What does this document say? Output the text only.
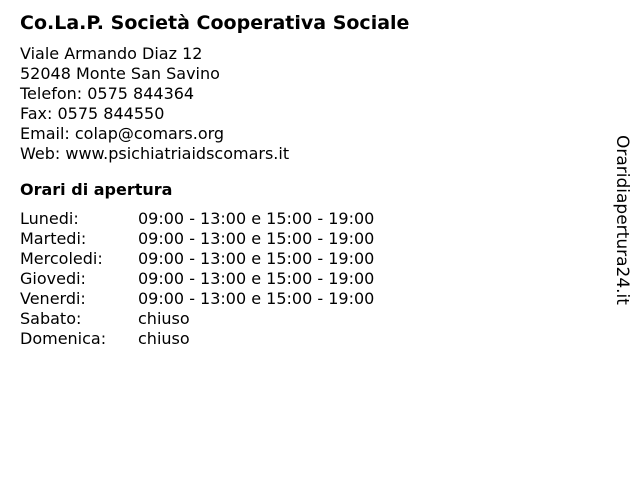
Co.La.P. Società Cooperativa Sociale
Viale Armando Diaz 12
52048 Monte San Savino
Telefon: 0575 844364
Fax: 0575 844550
Email: colap@comars.org
Web: www.psichiatriaidscomars.it
Orari di apertura
Lunedi:	09:00 - 13:00 e 15:00 - 19:00
Martedi:	09:00 - 13:00 e 15:00 - 19:00
Mercoledi:	09:00 - 13:00 e 15:00 - 19:00
Giovedi:	09:00 - 13:00 e 15:00 - 19:00
Venerdi:	09:00 - 13:00 e 15:00 - 19:00
Sabato:	chiuso
Domenica:	chiuso
Oraridiapertura24.it
